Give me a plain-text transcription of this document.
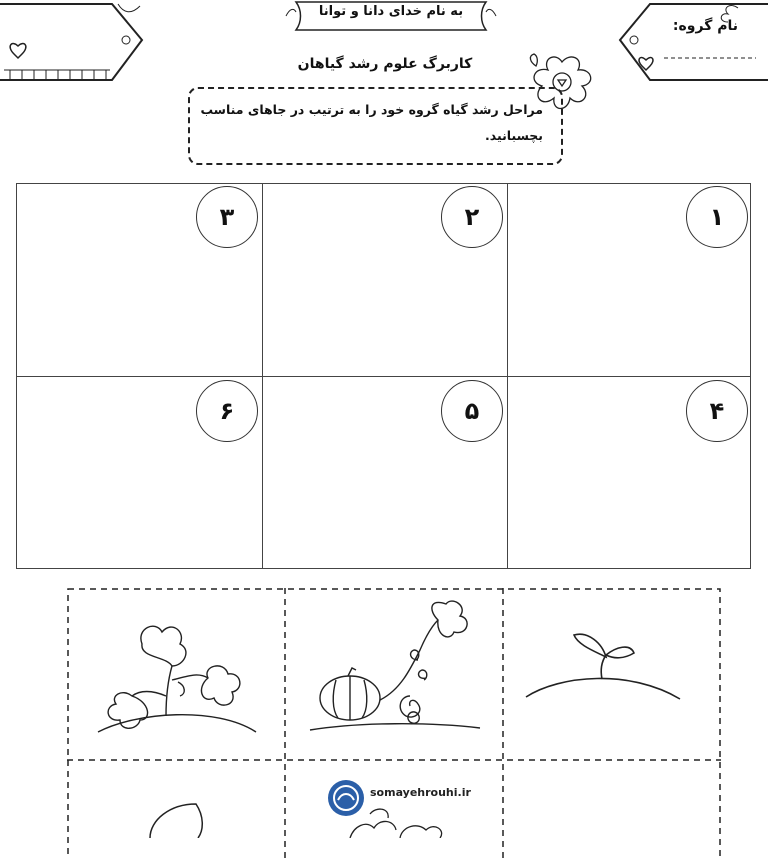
نام گروه:
به نام خدای دانا و توانا
کاربرگ علوم رشد گیاهان
مراحل رشد گیاه گروه خود را به ترتیب در جاهای مناسب
بچسبانید.
۱
۲
۳
۴
۵
۶
somayehrouhi.ir
